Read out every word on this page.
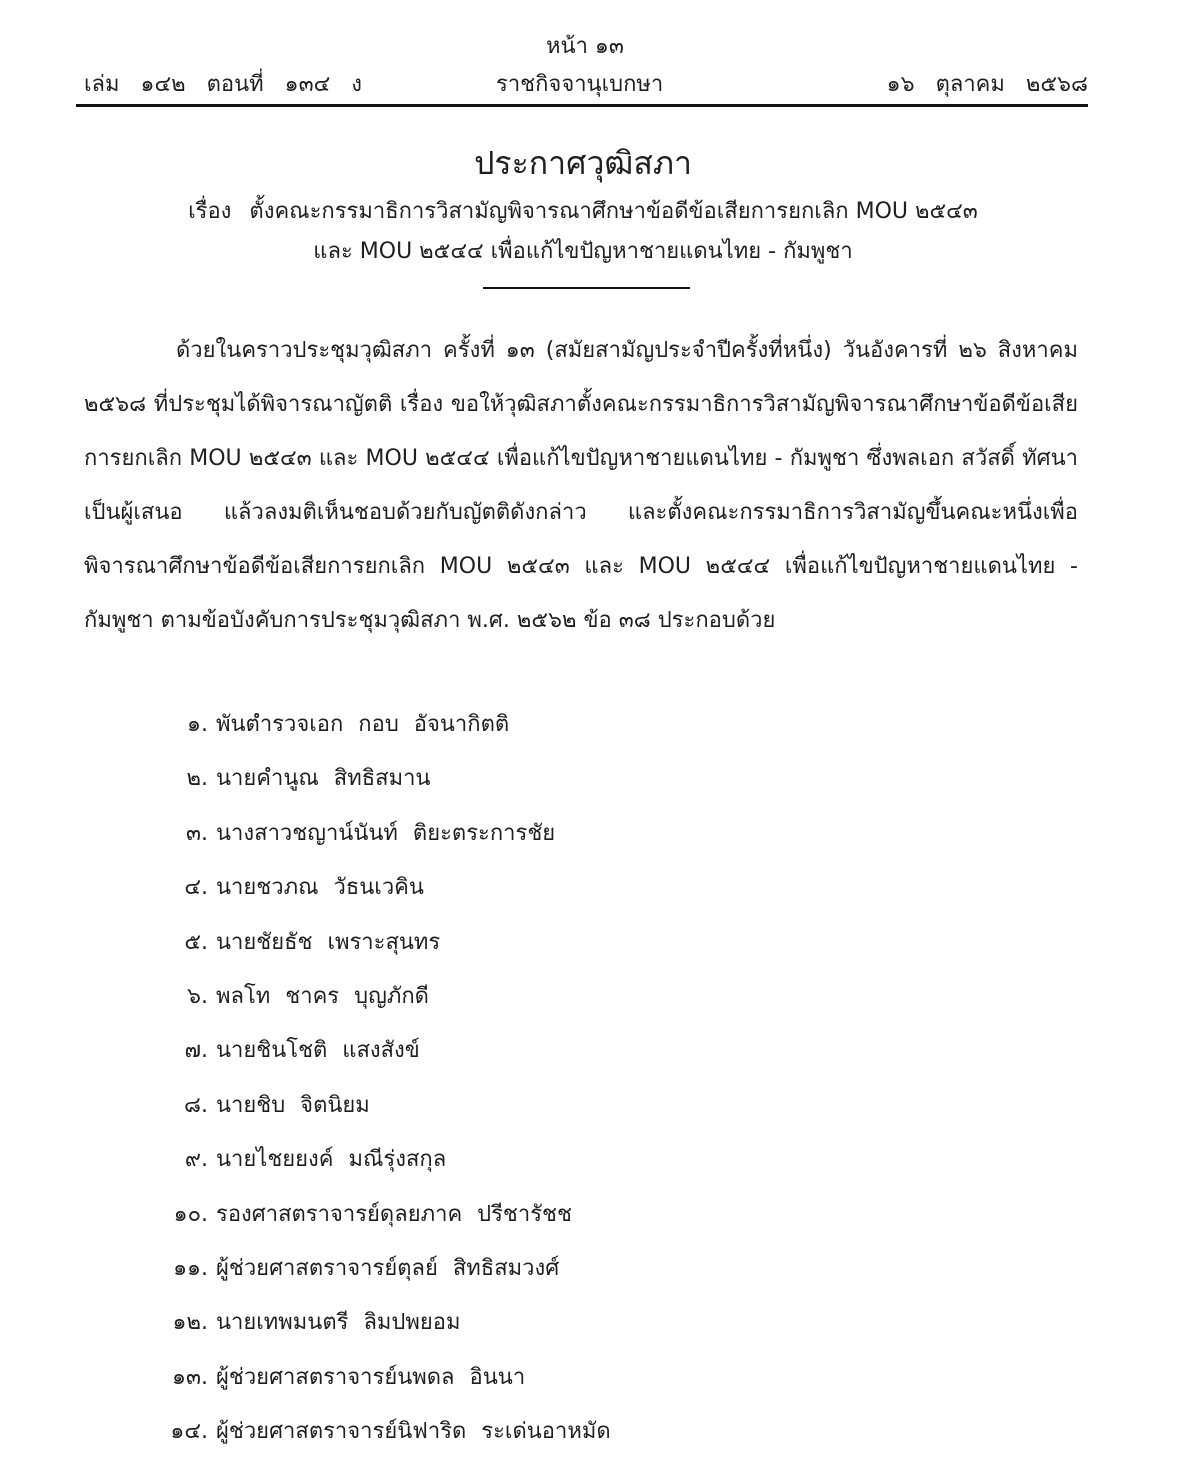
หน้า ๑๓
เล่ม ๑๔๒ ตอนที่ ๑๓๔ ง	ราชกิจจานุเบกษา	๑๖ ตุลาคม ๒๕๖๘
ประกาศวุฒิสภา
เรื่อง ตั้งคณะกรรมาธิการวิสามัญพิจารณาศึกษาข้อดีข้อเสียการยกเลิก MOU ๒๕๔๓
และ MOU ๒๕๔๔ เพื่อแก้ไขปัญหาชายแดนไทย - กัมพูชา
ด้วยในคราวประชุมวุฒิสภา ครั้งที่ ๑๓ (สมัยสามัญประจำปีครั้งที่หนึ่ง) วันอังคารที่ ๒๖ สิงหาคม ๒๕๖๘ ที่ประชุมได้พิจารณาญัตติ เรื่อง ขอให้วุฒิสภาตั้งคณะกรรมาธิการวิสามัญพิจารณาศึกษาข้อดีข้อเสียการยกเลิก MOU ๒๕๔๓ และ MOU ๒๕๔๔ เพื่อแก้ไขปัญหาชายแดนไทย - กัมพูชา ซึ่งพลเอก สวัสดิ์ ทัศนา เป็นผู้เสนอ แล้วลงมติเห็นชอบด้วยกับญัตติดังกล่าว และตั้งคณะกรรมาธิการวิสามัญขึ้นคณะหนึ่งเพื่อพิจารณาศึกษาข้อดีข้อเสียการยกเลิก MOU ๒๕๔๓ และ MOU ๒๕๔๔ เพื่อแก้ไขปัญหาชายแดนไทย - กัมพูชา ตามข้อบังคับการประชุมวุฒิสภา พ.ศ. ๒๕๖๒ ข้อ ๓๘ ประกอบด้วย
๑. พันตำรวจเอก กอบ อัจนากิตติ
๒. นายคำนูณ สิทธิสมาน
๓. นางสาวชญาน์นันท์ ติยะตระการชัย
๔. นายชวภณ วัธนเวคิน
๕. นายชัยธัช เพราะสุนทร
๖. พลโท ชาคร บุญภักดี
๗. นายชินโชติ แสงสังข์
๘. นายชิบ จิตนิยม
๙. นายไชยยงค์ มณีรุ่งสกุล
๑๐. รองศาสตราจารย์ดุลยภาค ปรีชารัชช
๑๑. ผู้ช่วยศาสตราจารย์ตุลย์ สิทธิสมวงศ์
๑๒. นายเทพมนตรี ลิมปพยอม
๑๓. ผู้ช่วยศาสตราจารย์นพดล อินนา
๑๔. ผู้ช่วยศาสตราจารย์นิฟาริด ระเด่นอาหมัด
